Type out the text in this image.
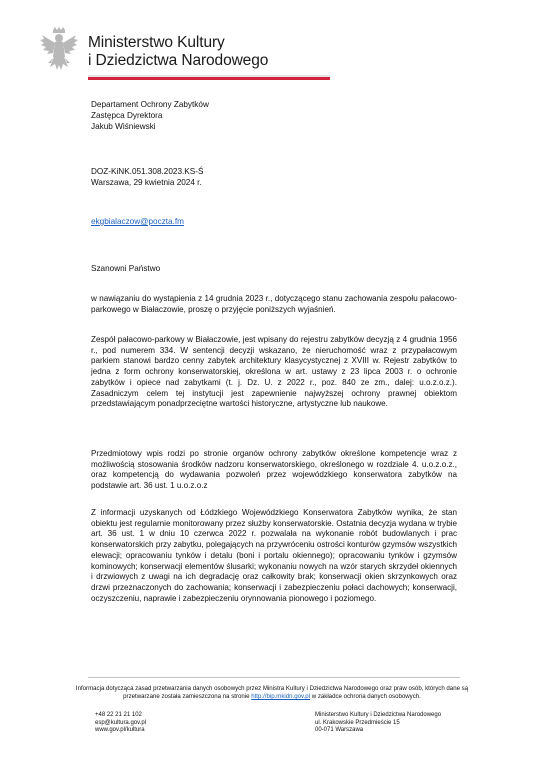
Ministerstwo Kultury
i Dziedzictwa Narodowego
Departament Ochrony Zabytków
Zastępca Dyrektora
Jakub Wiśniewski
DOZ-KiNK.051.308.2023.KS-Ś
Warszawa, 29 kwietnia 2024 r.
ekgbialaczow@poczta.fm
Szanowni Państwo
w nawiązaniu do wystąpienia z 14 grudnia 2023 r., dotyczącego stanu zachowania zespołu pałacowo-parkowego w Białaczowie, proszę o przyjęcie poniższych wyjaśnień.
Zespół pałacowo-parkowy w Białaczowie, jest wpisany do rejestru zabytków decyzją z 4 grudnia 1956 r., pod numerem 334. W sentencji decyzji wskazano, że nieruchomość wraz z przypałacowym parkiem stanowi bardzo cenny zabytek architektury klasycystycznej z XVIII w. Rejestr zabytków to jedna z form ochrony konserwatorskiej, określona w art. ustawy z 23 lipca 2003 r. o ochronie zabytków i opiece nad zabytkami (t. j. Dz. U. z 2022 r., poz. 840 ze zm., dalej: u.o.z.o.z.). Zasadniczym celem tej instytucji jest zapewnienie najwyższej ochrony prawnej obiektom przedstawiającym ponadprzeciętne wartości historyczne, artystyczne lub naukowe.
Przedmiotowy wpis rodzi po stronie organów ochrony zabytków określone kompetencje wraz z możliwością stosowania środków nadzoru konserwatorskiego, określonego w rozdziale 4. u.o.z.o.z., oraz kompetencją do wydawania pozwoleń przez wojewódzkiego konserwatora zabytków na podstawie art. 36 ust. 1 u.o.z.o.z
Z informacji uzyskanych od Łódzkiego Wojewódzkiego Konserwatora Zabytków wynika, że stan obiektu jest regularnie monitorowany przez służby konserwatorskie. Ostatnia decyzja wydana w trybie art. 36 ust. 1 w dniu 10 czerwca 2022 r. pozwalała na wykonanie robót budowlanych i prac konserwatorskich przy zabytku, polegających na przywróceniu ostrości konturów gzymsów wszystkich elewacji; opracowaniu tynków i detalu (boni i portalu okiennego); opracowaniu tynków i gzymsów kominowych; konserwacji elementów ślusarki; wykonaniu nowych na wzór starych skrzydeł okiennych i drzwiowych z uwagi na ich degradację oraz całkowity brak; konserwacji okien skrzynkowych oraz drzwi przeznaczonych do zachowania; konserwacji i zabezpieczeniu połaci dachowych; konserwacji, oczyszczeniu, naprawie i zabezpieczeniu orynnowania pionowego i poziomego.
Informacja dotycząca zasad przetwarzania danych osobowych przez Ministra Kultury i Dziedzictwa Narodowego oraz praw osób, których dane są przetwarzane została zamieszczona na stronie http://bip.mkidn.gov.pl w zakładce ochrona danych osobowych.
+48 22 21 21 102
esp@kultura.gov.pl
www.gov.pl/kultura
Ministerstwo Kultury i Dziedzictwa Narodowego
ul. Krakowskie Przedmieście 15
00-071 Warszawa
